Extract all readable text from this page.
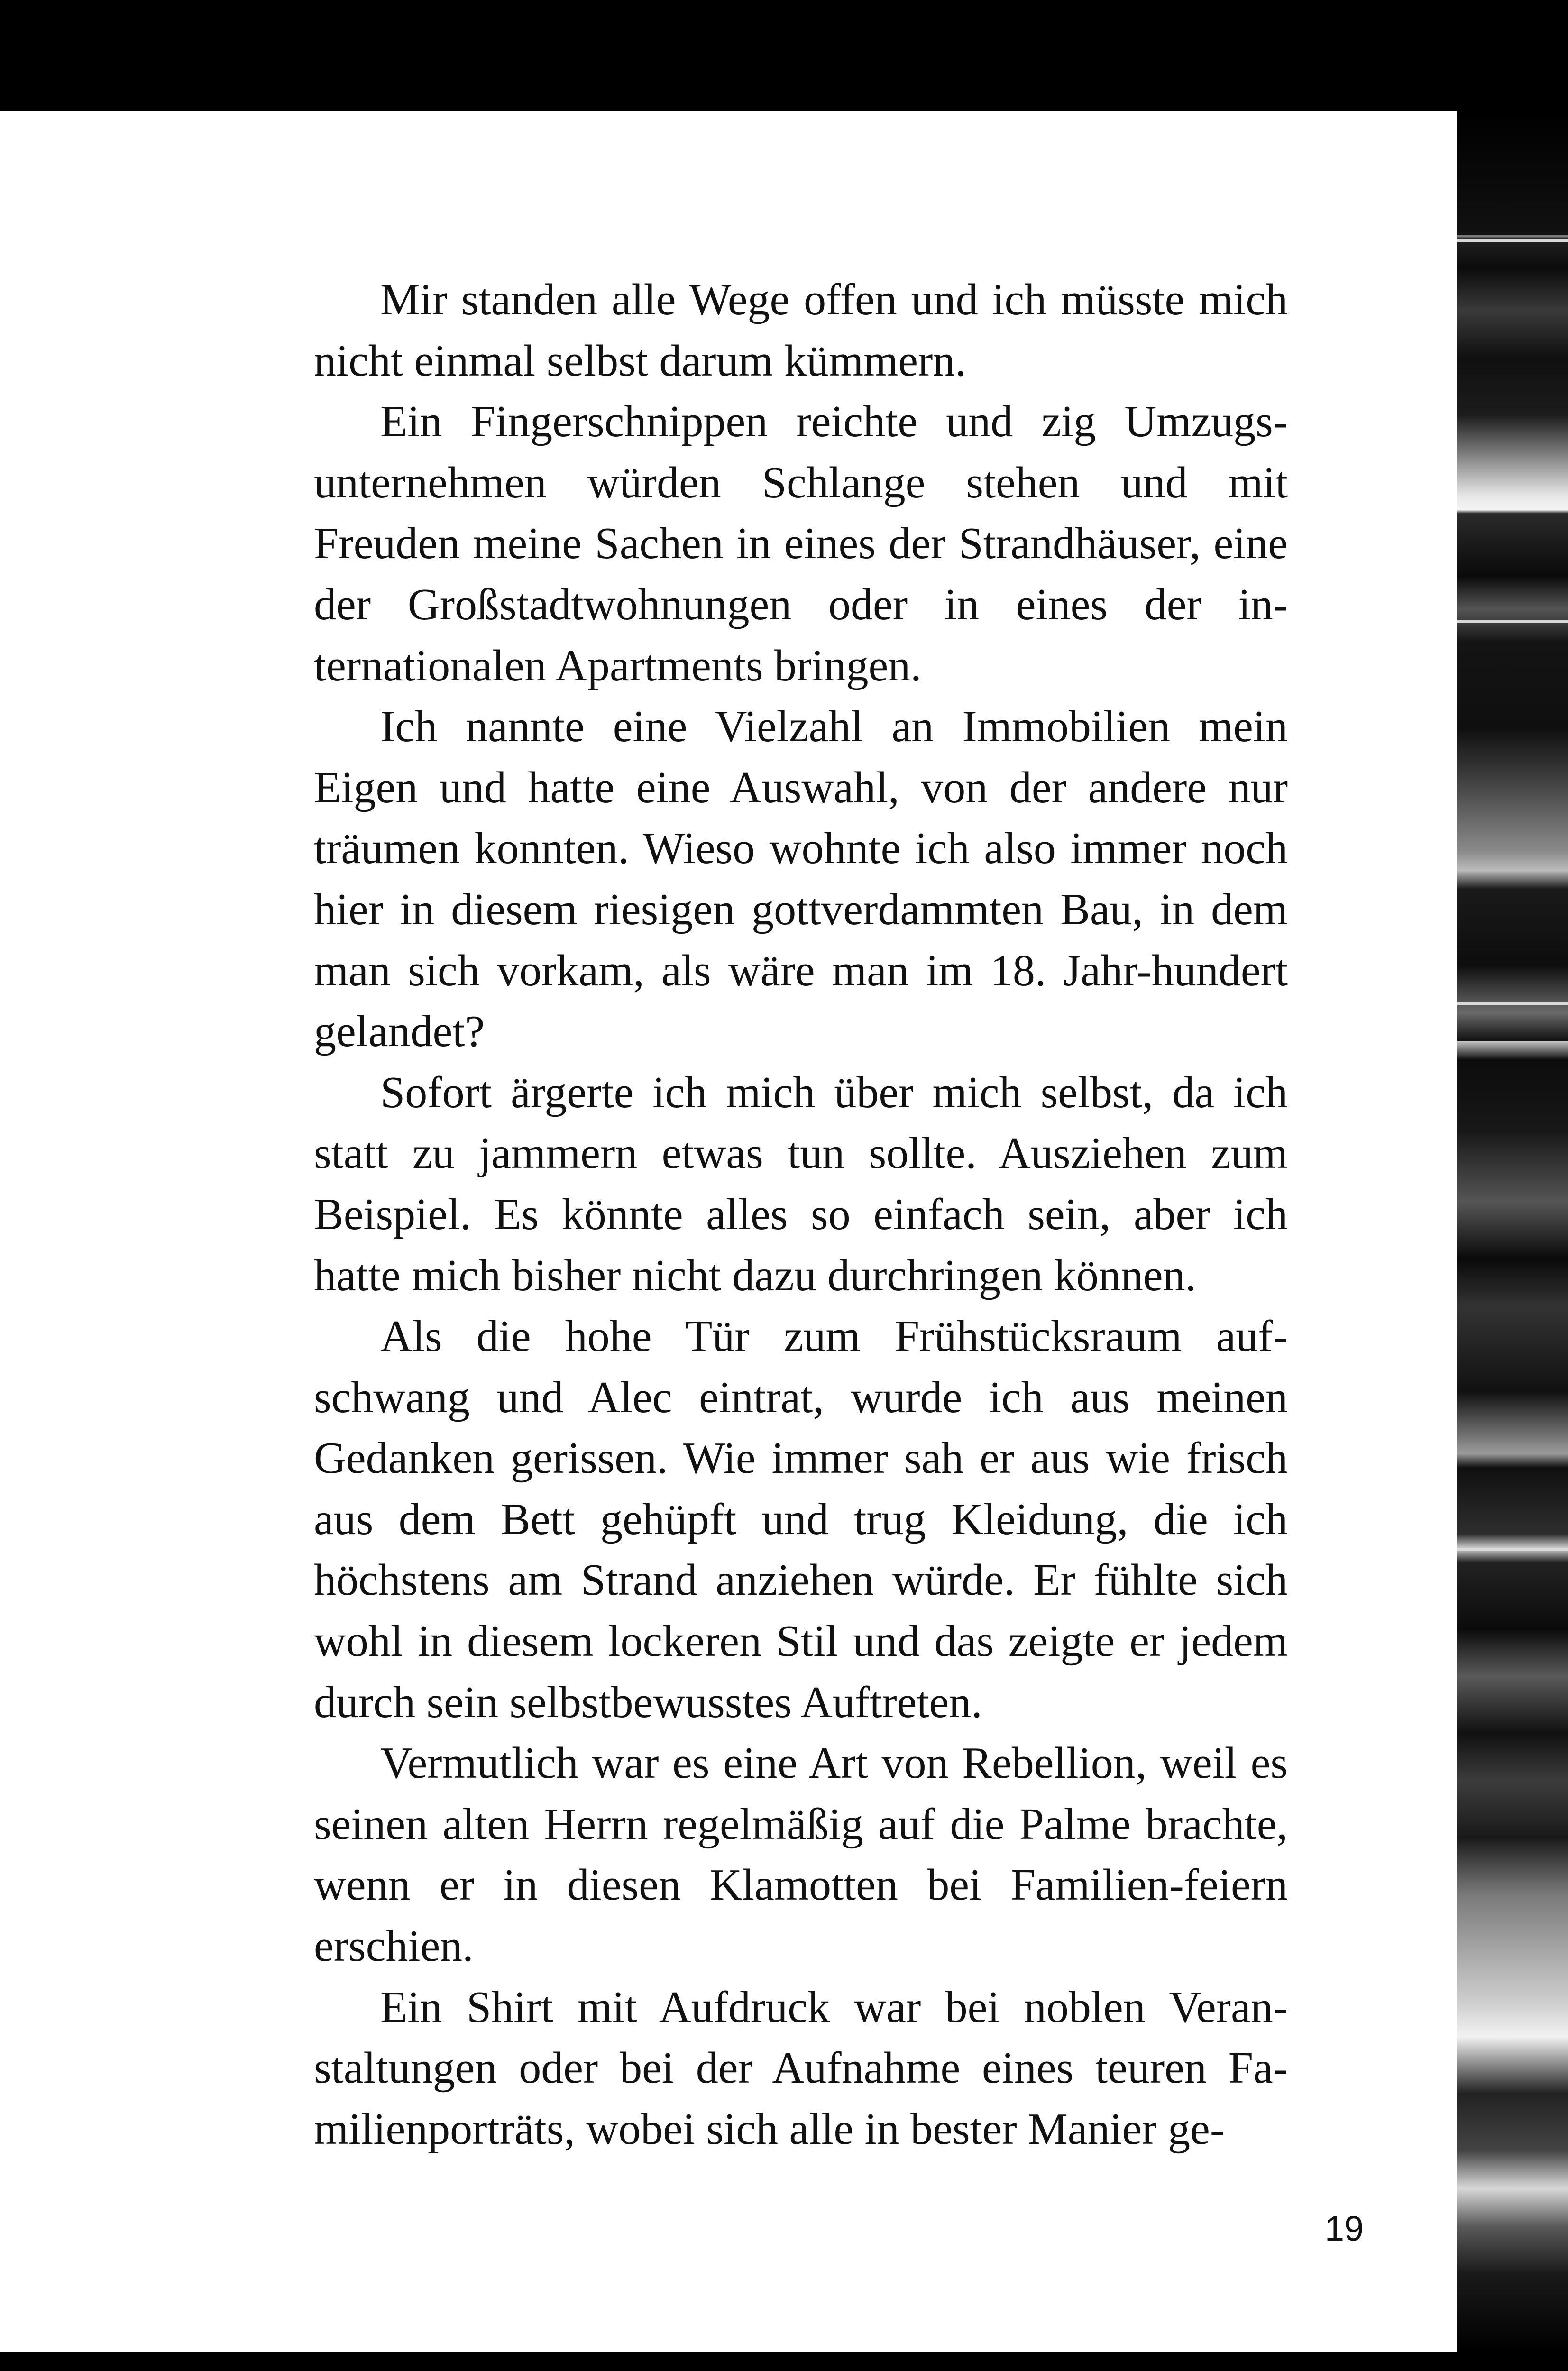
Mir standen alle Wege offen und ich müsste mich nicht einmal selbst darum kümmern.

Ein Fingerschnippen reichte und zig Umzugs-unternehmen würden Schlange stehen und mit Freuden meine Sachen in eines der Strandhäuser, eine der Großstadtwohnungen oder in eines der in-ternationalen Apartments bringen.

Ich nannte eine Vielzahl an Immobilien mein Eigen und hatte eine Auswahl, von der andere nur träumen konnten. Wieso wohnte ich also immer noch hier in diesem riesigen gottverdammten Bau, in dem man sich vorkam, als wäre man im 18. Jahr-hundert gelandet?

Sofort ärgerte ich mich über mich selbst, da ich statt zu jammern etwas tun sollte. Ausziehen zum Beispiel. Es könnte alles so einfach sein, aber ich hatte mich bisher nicht dazu durchringen können.

Als die hohe Tür zum Frühstücksraum auf-schwang und Alec eintrat, wurde ich aus meinen Gedanken gerissen. Wie immer sah er aus wie frisch aus dem Bett gehüpft und trug Kleidung, die ich höchstens am Strand anziehen würde. Er fühlte sich wohl in diesem lockeren Stil und das zeigte er jedem durch sein selbstbewusstes Auftreten.

Vermutlich war es eine Art von Rebellion, weil es seinen alten Herrn regelmäßig auf die Palme brachte, wenn er in diesen Klamotten bei Familien-feiern erschien.

Ein Shirt mit Aufdruck war bei noblen Veran-staltungen oder bei der Aufnahme eines teuren Fa-milienporträts, wobei sich alle in bester Manier ge-

19
